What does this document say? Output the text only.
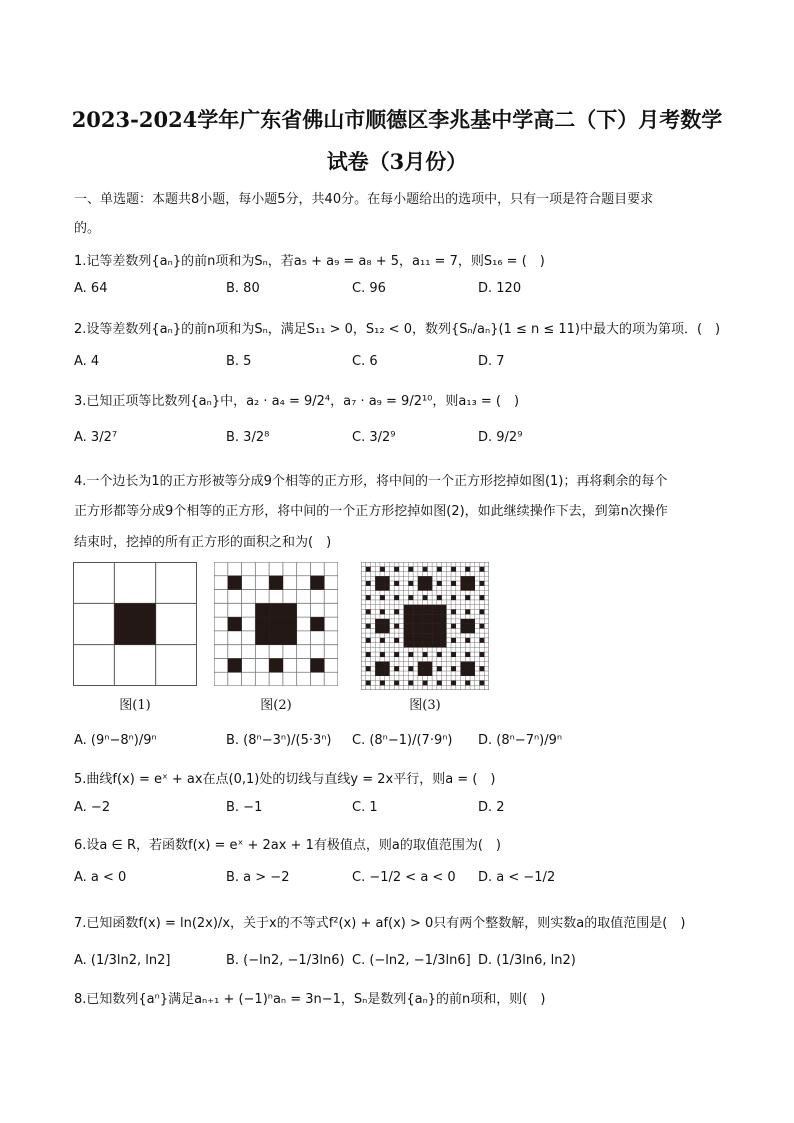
2023-2024学年广东省佛山市顺德区李兆基中学高二（下）月考数学
试卷（3月份）
一、单选题：本题共8小题，每小题5分，共40分。在每小题给出的选项中，只有一项是符合题目要求
的。
1.记等差数列{aₙ}的前n项和为Sₙ，若a₅ + a₉ = a₈ + 5，a₁₁ = 7，则S₁₆ = (　)
A. 64	B. 80	C. 96	D. 120
2.设等差数列{aₙ}的前n项和为Sₙ，满足S₁₁ > 0，S₁₂ < 0，数列{Sₙ/aₙ}(1 ≤ n ≤ 11)中最大的项为第项．(　)
A. 4	B. 5	C. 6	D. 7
3.已知正项等比数列{aₙ}中，a₂ · a₄ = 9/2⁴，a₇ · a₉ = 9/2¹⁰，则a₁₃ = (　)
A. 3/2⁷	B. 3/2⁸	C. 3/2⁹	D. 9/2⁹
4.一个边长为1的正方形被等分成9个相等的正方形，将中间的一个正方形挖掉如图(1)；再将剩余的每个
正方形都等分成9个相等的正方形，将中间的一个正方形挖掉如图(2)，如此继续操作下去，到第n次操作
结束时，挖掉的所有正方形的面积之和为(　)
图(1)	图(2)	图(3)
A. (9ⁿ−8ⁿ)/9ⁿ	B. (8ⁿ−3ⁿ)/(5·3ⁿ) C. (8ⁿ−1)/(7·9ⁿ) D. (8ⁿ−7ⁿ)/9ⁿ
5.曲线f(x) = eˣ + ax在点(0,1)处的切线与直线y = 2x平行，则a = (　)
A. −2	B. −1	C. 1	D. 2
6.设a ∈ R，若函数f(x) = eˣ + 2ax + 1有极值点，则a的取值范围为(　)
A. a < 0	B. a > −2	C. −1/2 < a < 0 D. a < −1/2
7.已知函数f(x) = ln(2x)/x，关于x的不等式f²(x) + af(x) > 0只有两个整数解，则实数a的取值范围是(　)
A. (1/3ln2, ln2]	B. (−ln2, −1/3ln6) C. (−ln2, −1/3ln6] D. (1/3ln6, ln2)
8.已知数列{aⁿ}满足aₙ₊₁ + (−1)ⁿaₙ = 3n−1，Sₙ是数列{aₙ}的前n项和，则(　)
